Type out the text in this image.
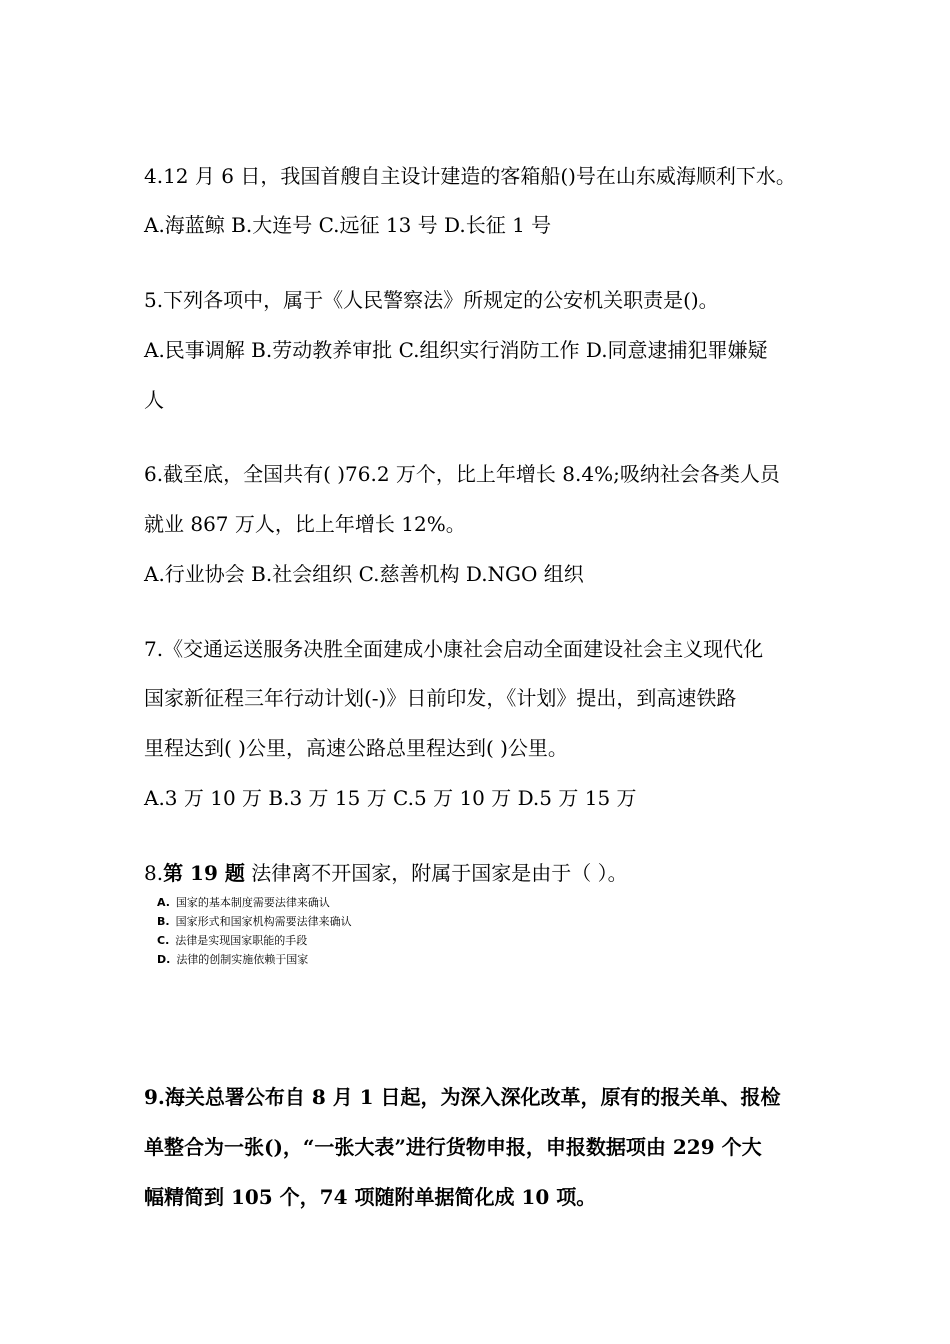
4.12 月 6 日，我国首艘自主设计建造的客箱船()号在山东威海顺利下水。
A.海蓝鲸 B.大连号 C.远征 13 号 D.长征 1 号
5.下列各项中，属于《人民警察法》所规定的公安机关职责是()。
A.民事调解 B.劳动教养审批 C.组织实行消防工作 D.同意逮捕犯罪嫌疑
人
6.截至底，全国共有( )76.2 万个，比上年增长 8.4%;吸纳社会各类人员
就业 867 万人，比上年增长 12%。
A.行业协会 B.社会组织 C.慈善机构 D.NGO 组织
7.《交通运送服务决胜全面建成小康社会启动全面建设社会主义现代化
国家新征程三年行动计划(-)》日前印发，《计划》提出，到高速铁路
里程达到( )公里，高速公路总里程达到( )公里。
A.3 万 10 万 B.3 万 15 万 C.5 万 10 万 D.5 万 15 万
8.第 19 题 法律离不开国家，附属于国家是由于（ ）。
A. 国家的基本制度需要法律来确认
B. 国家形式和国家机构需要法律来确认
C. 法律是实现国家职能的手段
D. 法律的创制实施依赖于国家
9.海关总署公布自 8 月 1 日起，为深入深化改革，原有的报关单、报检
单整合为一张()，“一张大表”进行货物申报，申报数据项由 229 个大
幅精简到 105 个，74 项随附单据简化成 10 项。
